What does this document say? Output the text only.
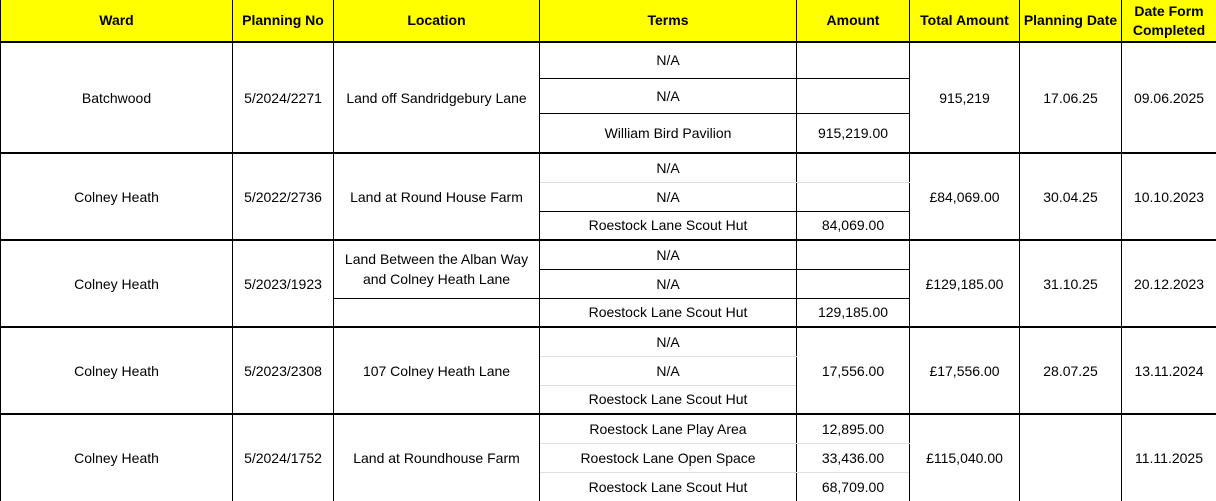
Ward	Planning No	Location	Terms	Amount	Total Amount	Planning Date	Date Form Completed
Batchwood	5/2024/2271	Land off Sandridgebury Lane	N/A		915,219	17.06.25	09.06.2025
			N/A				
			William Bird Pavilion	915,219.00			
Colney Heath	5/2022/2736	Land at Round House Farm	N/A		£84,069.00	30.04.25	10.10.2023
			N/A				
			Roestock Lane Scout Hut	84,069.00			
Colney Heath	5/2023/1923	Land Between the Alban Way and Colney Heath Lane	N/A		£129,185.00	31.10.25	20.12.2023
			N/A				
			Roestock Lane Scout Hut	129,185.00			
Colney Heath	5/2023/2308	107 Colney Heath Lane	N/A	17,556.00	£17,556.00	28.07.25	13.11.2024
			N/A				
			Roestock Lane Scout Hut				
Colney Heath	5/2024/1752	Land at Roundhouse Farm	Roestock Lane Play Area	12,895.00	£115,040.00		11.11.2025
			Roestock Lane Open Space	33,436.00			
			Roestock Lane Scout Hut	68,709.00			
